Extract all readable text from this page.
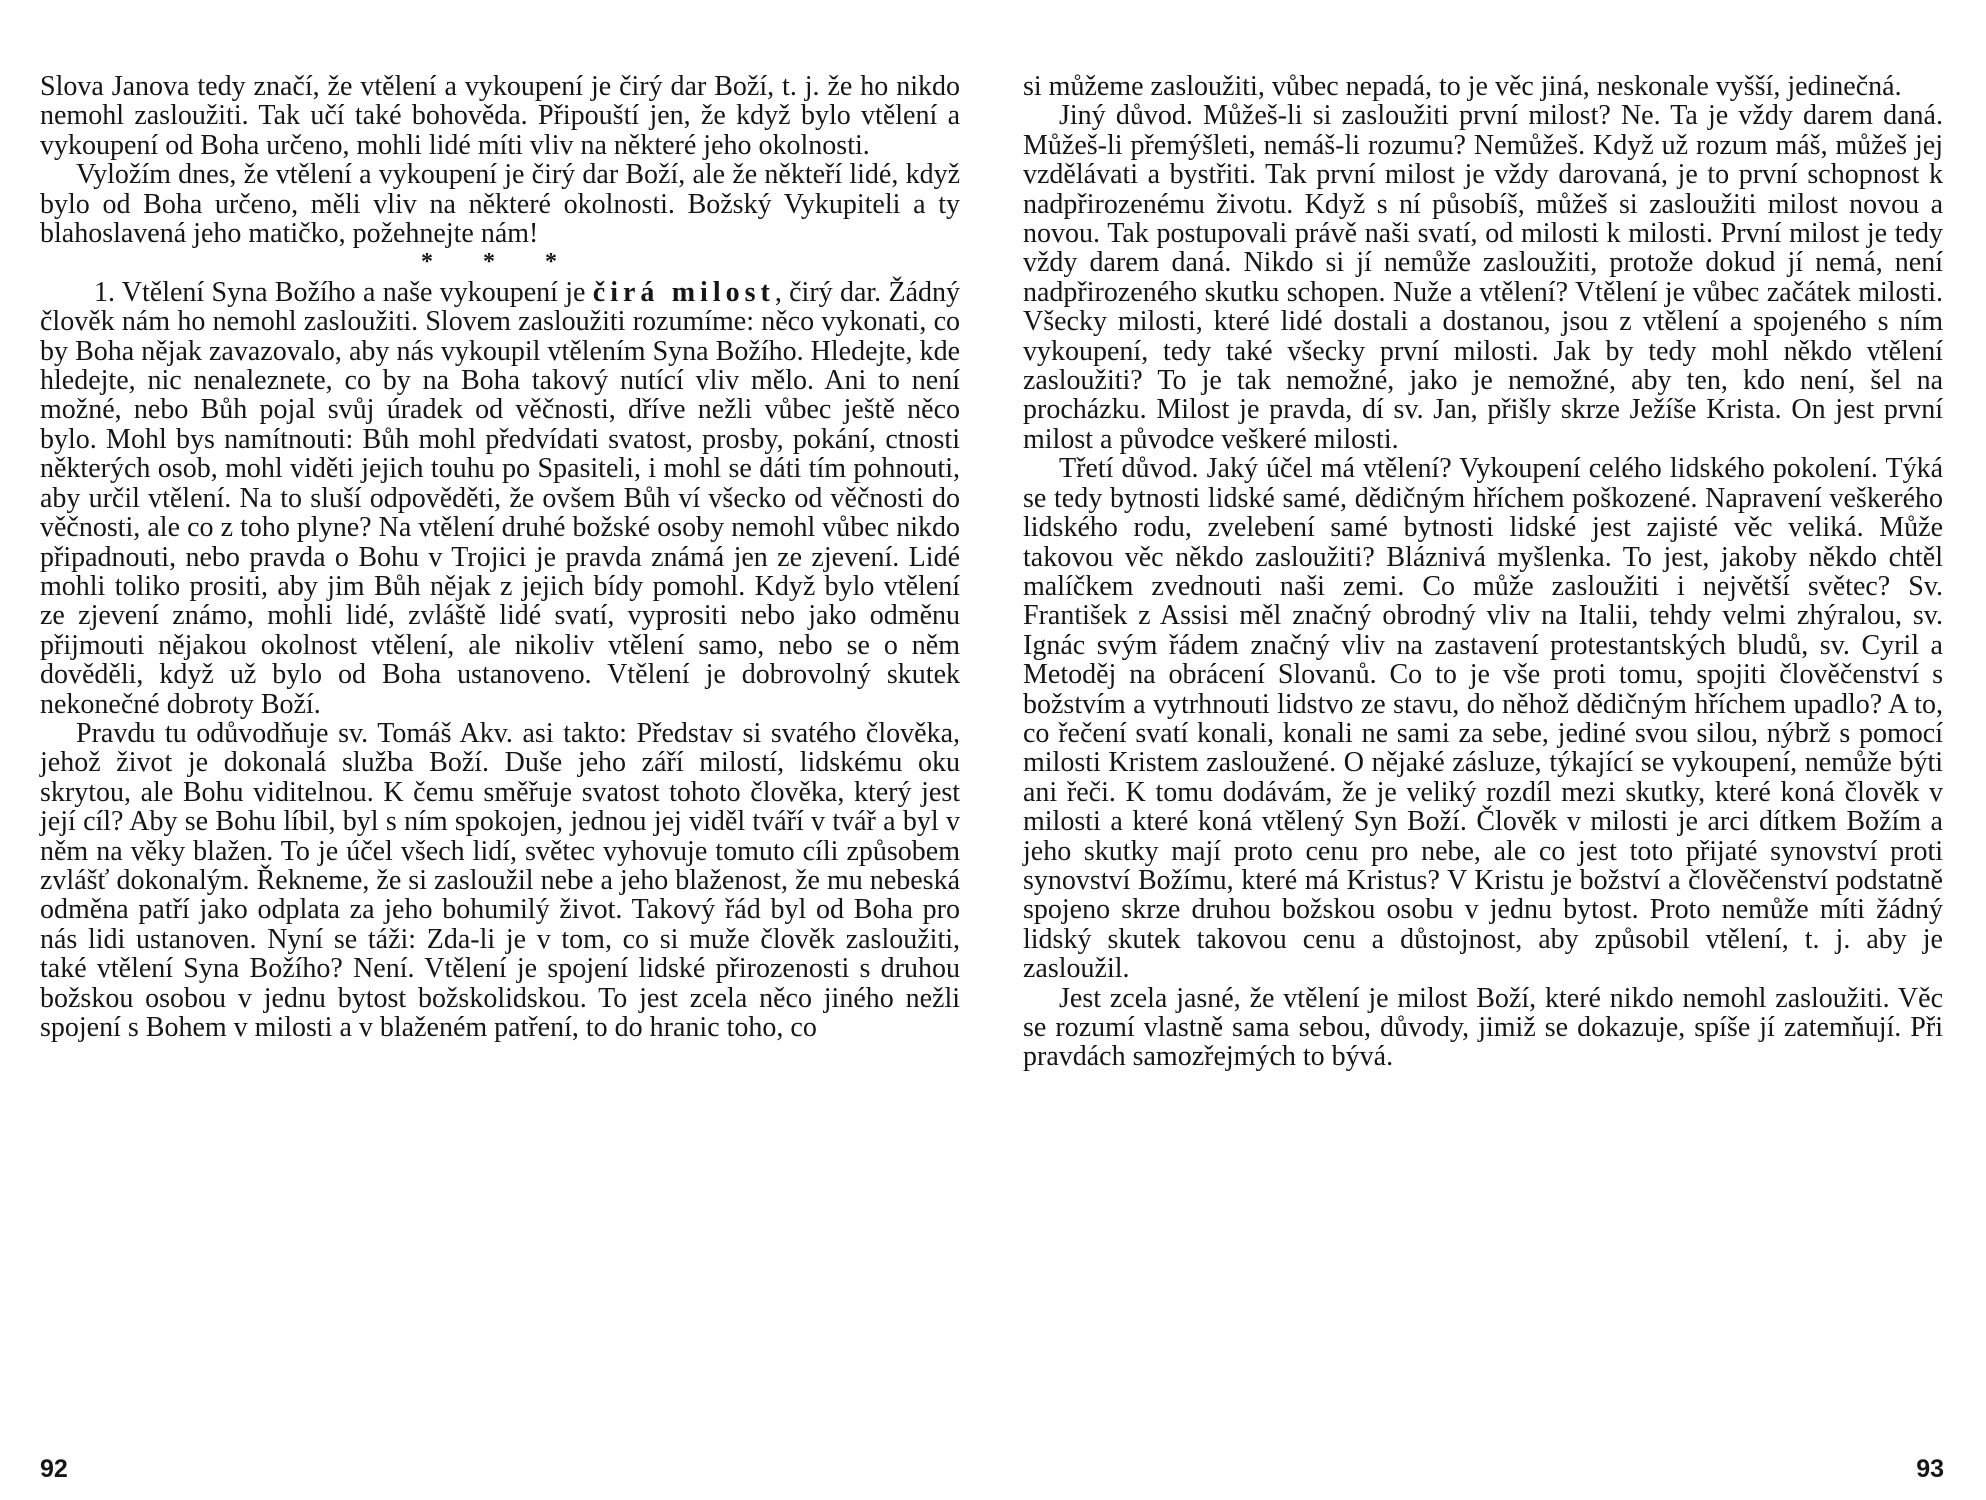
Slova Janova tedy značí, že vtělení a vykoupení je čirý dar Boží, t. j. že ho nikdo nemohl zasloužiti. Tak učí také bohověda. Připouští jen, že když bylo vtělení a vykoupení od Boha určeno, mohli lidé míti vliv na některé jeho okolnosti.

Vyložím dnes, že vtělení a vykoupení je čirý dar Boží, ale že někteří lidé, když bylo od Boha určeno, měli vliv na některé okolnosti. Božský Vykupiteli a ty blahoslavená jeho matičko, požehnejte nám!

* * *

1. Vtělení Syna Božího a naše vykoupení je čirá milost, čirý dar. Žádný člověk nám ho nemohl zasloužiti. Slovem zasloužiti rozumíme: něco vykonati, co by Boha nějak zavazovalo, aby nás vykoupil vtělením Syna Božího. Hledejte, kde hledejte, nic nenaleznete, co by na Boha takový nutící vliv mělo. Ani to není možné, nebo Bůh pojal svůj úradek od věčnosti, dříve nežli vůbec ještě něco bylo. Mohl bys namítnouti: Bůh mohl předvídati svatost, prosby, pokání, ctnosti některých osob, mohl viděti jejich touhu po Spasiteli, i mohl se dáti tím pohnouti, aby určil vtělení. Na to sluší odpověděti, že ovšem Bůh ví všecko od věčnosti do věčnosti, ale co z toho plyne? Na vtělení druhé božské osoby nemohl vůbec nikdo připadnouti, nebo pravda o Bohu v Trojici je pravda známá jen ze zjevení. Lidé mohli toliko prositi, aby jim Bůh nějak z jejich bídy pomohl. Když bylo vtělení ze zjevení známo, mohli lidé, zvláště lidé svatí, vyprositi nebo jako odměnu přijmouti nějakou okolnost vtělení, ale nikoliv vtělení samo, nebo se o něm dověděli, když už bylo od Boha ustanoveno. Vtělení je dobrovolný skutek nekonečné dobroty Boží.

Pravdu tu odůvodňuje sv. Tomáš Akv. asi takto: Představ si svatého člověka, jehož život je dokonalá služba Boží. Duše jeho září milostí, lidskému oku skrytou, ale Bohu viditelnou. K čemu směřuje svatost tohoto člověka, který jest její cíl? Aby se Bohu líbil, byl s ním spokojen, jednou jej viděl tváří v tvář a byl v něm na věky blažen. To je účel všech lidí, světec vyhovuje tomuto cíli způsobem zvlášť dokonalým. Řekneme, že si zasloužil nebe a jeho blaženost, že mu nebeská odměna patří jako odplata za jeho bohumilý život. Takový řád byl od Boha pro nás lidi ustanoven. Nyní se táži: Zda-li je v tom, co si muže člověk zasloužiti, také vtělení Syna Božího? Není. Vtělení je spojení lidské přirozenosti s druhou božskou osobou v jednu bytost božskolidskou. To jest zcela něco jiného nežli spojení s Bohem v milosti a v blaženém patření, to do hranic toho, co

92

si můžeme zasloužiti, vůbec nepadá, to je věc jiná, neskonale vyšší, jedinečná.

Jiný důvod. Můžeš-li si zasloužiti první milost? Ne. Ta je vždy darem daná. Můžeš-li přemýšleti, nemáš-li rozumu? Nemůžeš. Když už rozum máš, můžeš jej vzdělávati a bystřiti. Tak první milost je vždy darovaná, je to první schopnost k nadpřirozenému životu. Když s ní působíš, můžeš si zasloužiti milost novou a novou. Tak postupovali právě naši svatí, od milosti k milosti. První milost je tedy vždy darem daná. Nikdo si jí nemůže zasloužiti, protože dokud jí nemá, není nadpřirozeného skutku schopen. Nuže a vtělení? Vtělení je vůbec začátek milosti. Všecky milosti, které lidé dostali a dostanou, jsou z vtělení a spojeného s ním vykoupení, tedy také všecky první milosti. Jak by tedy mohl někdo vtělení zasloužiti? To je tak nemožné, jako je nemožné, aby ten, kdo není, šel na procházku. Milost je pravda, dí sv. Jan, přišly skrze Ježíše Krista. On jest první milost a původce veškeré milosti.

Třetí důvod. Jaký účel má vtělení? Vykoupení celého lidského pokolení. Týká se tedy bytnosti lidské samé, dědičným hříchem poškozené. Napravení veškerého lidského rodu, zvelebení samé bytnosti lidské jest zajisté věc veliká. Může takovou věc někdo zasloužiti? Bláznivá myšlenka. To jest, jakoby někdo chtěl malíčkem zvednouti naši zemi. Co může zasloužiti i největší světec? Sv. František z Assisi měl značný obrodný vliv na Italii, tehdy velmi zhýralou, sv. Ignác svým řádem značný vliv na zastavení protestantských bludů, sv. Cyril a Metoděj na obrácení Slovanů. Co to je vše proti tomu, spojiti člověčenství s božstvím a vytrhnouti lidstvo ze stavu, do něhož dědičným hříchem upadlo? A to, co řečení svatí konali, konali ne sami za sebe, jediné svou silou, nýbrž s pomocí milosti Kristem zasloužené. O nějaké zásluze, týkající se vykoupení, nemůže býti ani řeči. K tomu dodávám, že je veliký rozdíl mezi skutky, které koná člověk v milosti a které koná vtělený Syn Boží. Člověk v milosti je arci dítkem Božím a jeho skutky mají proto cenu pro nebe, ale co jest toto přijaté synovství proti synovství Božímu, které má Kristus? V Kristu je božství a člověčenství podstatně spojeno skrze druhou božskou osobu v jednu bytost. Proto nemůže míti žádný lidský skutek takovou cenu a důstojnost, aby způsobil vtělení, t. j. aby je zasloužil.

Jest zcela jasné, že vtělení je milost Boží, které nikdo nemohl zasloužiti. Věc se rozumí vlastně sama sebou, důvody, jimiž se dokazuje, spíše jí zatemňují. Při pravdách samozřejmých to bývá.

93
